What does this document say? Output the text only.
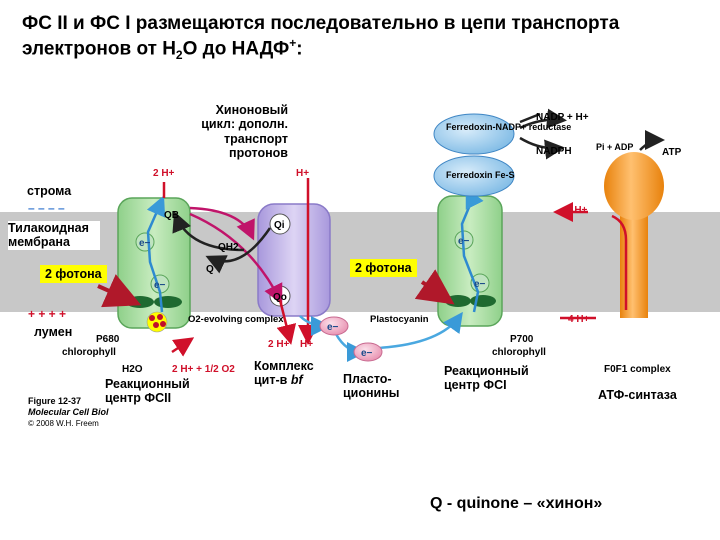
2 H+	H+
QB
QH2
Q
Qi
Qo
e−
e−
e−
e−
e−
e−
P680
chlorophyll
O2-evolving complex
H2O	2 H+ + 1/2 O2
2 H+ H+
Plastocyanin
P700
chlorophyll
Ferredoxin-NADP+ reductase
Ferredoxin Fe-S
NADP + H+
NADPH	Pi + ADP	ATP
4 H+
4 H+
F0F1 complex
+ + + +
– – – –
Figure 12-37
Molecular Cell Biol
© 2008 W.H. Freem
ФС II и ФС I размещаются последовательно в цепи транспорта
электронов от $Н_2О$ до НАДФ+:
строма
Тилакоидная мембрана
лумен
2 фотона	2 фотона
Хиноновый цикл: дополн. транспорт протонов
Реакционный центр ФСII
Комплекс цит-в bf	Пласто-ционины
Реакционный центр ФСI
АТФ-синтаза
Q - quinone – «хинон»
